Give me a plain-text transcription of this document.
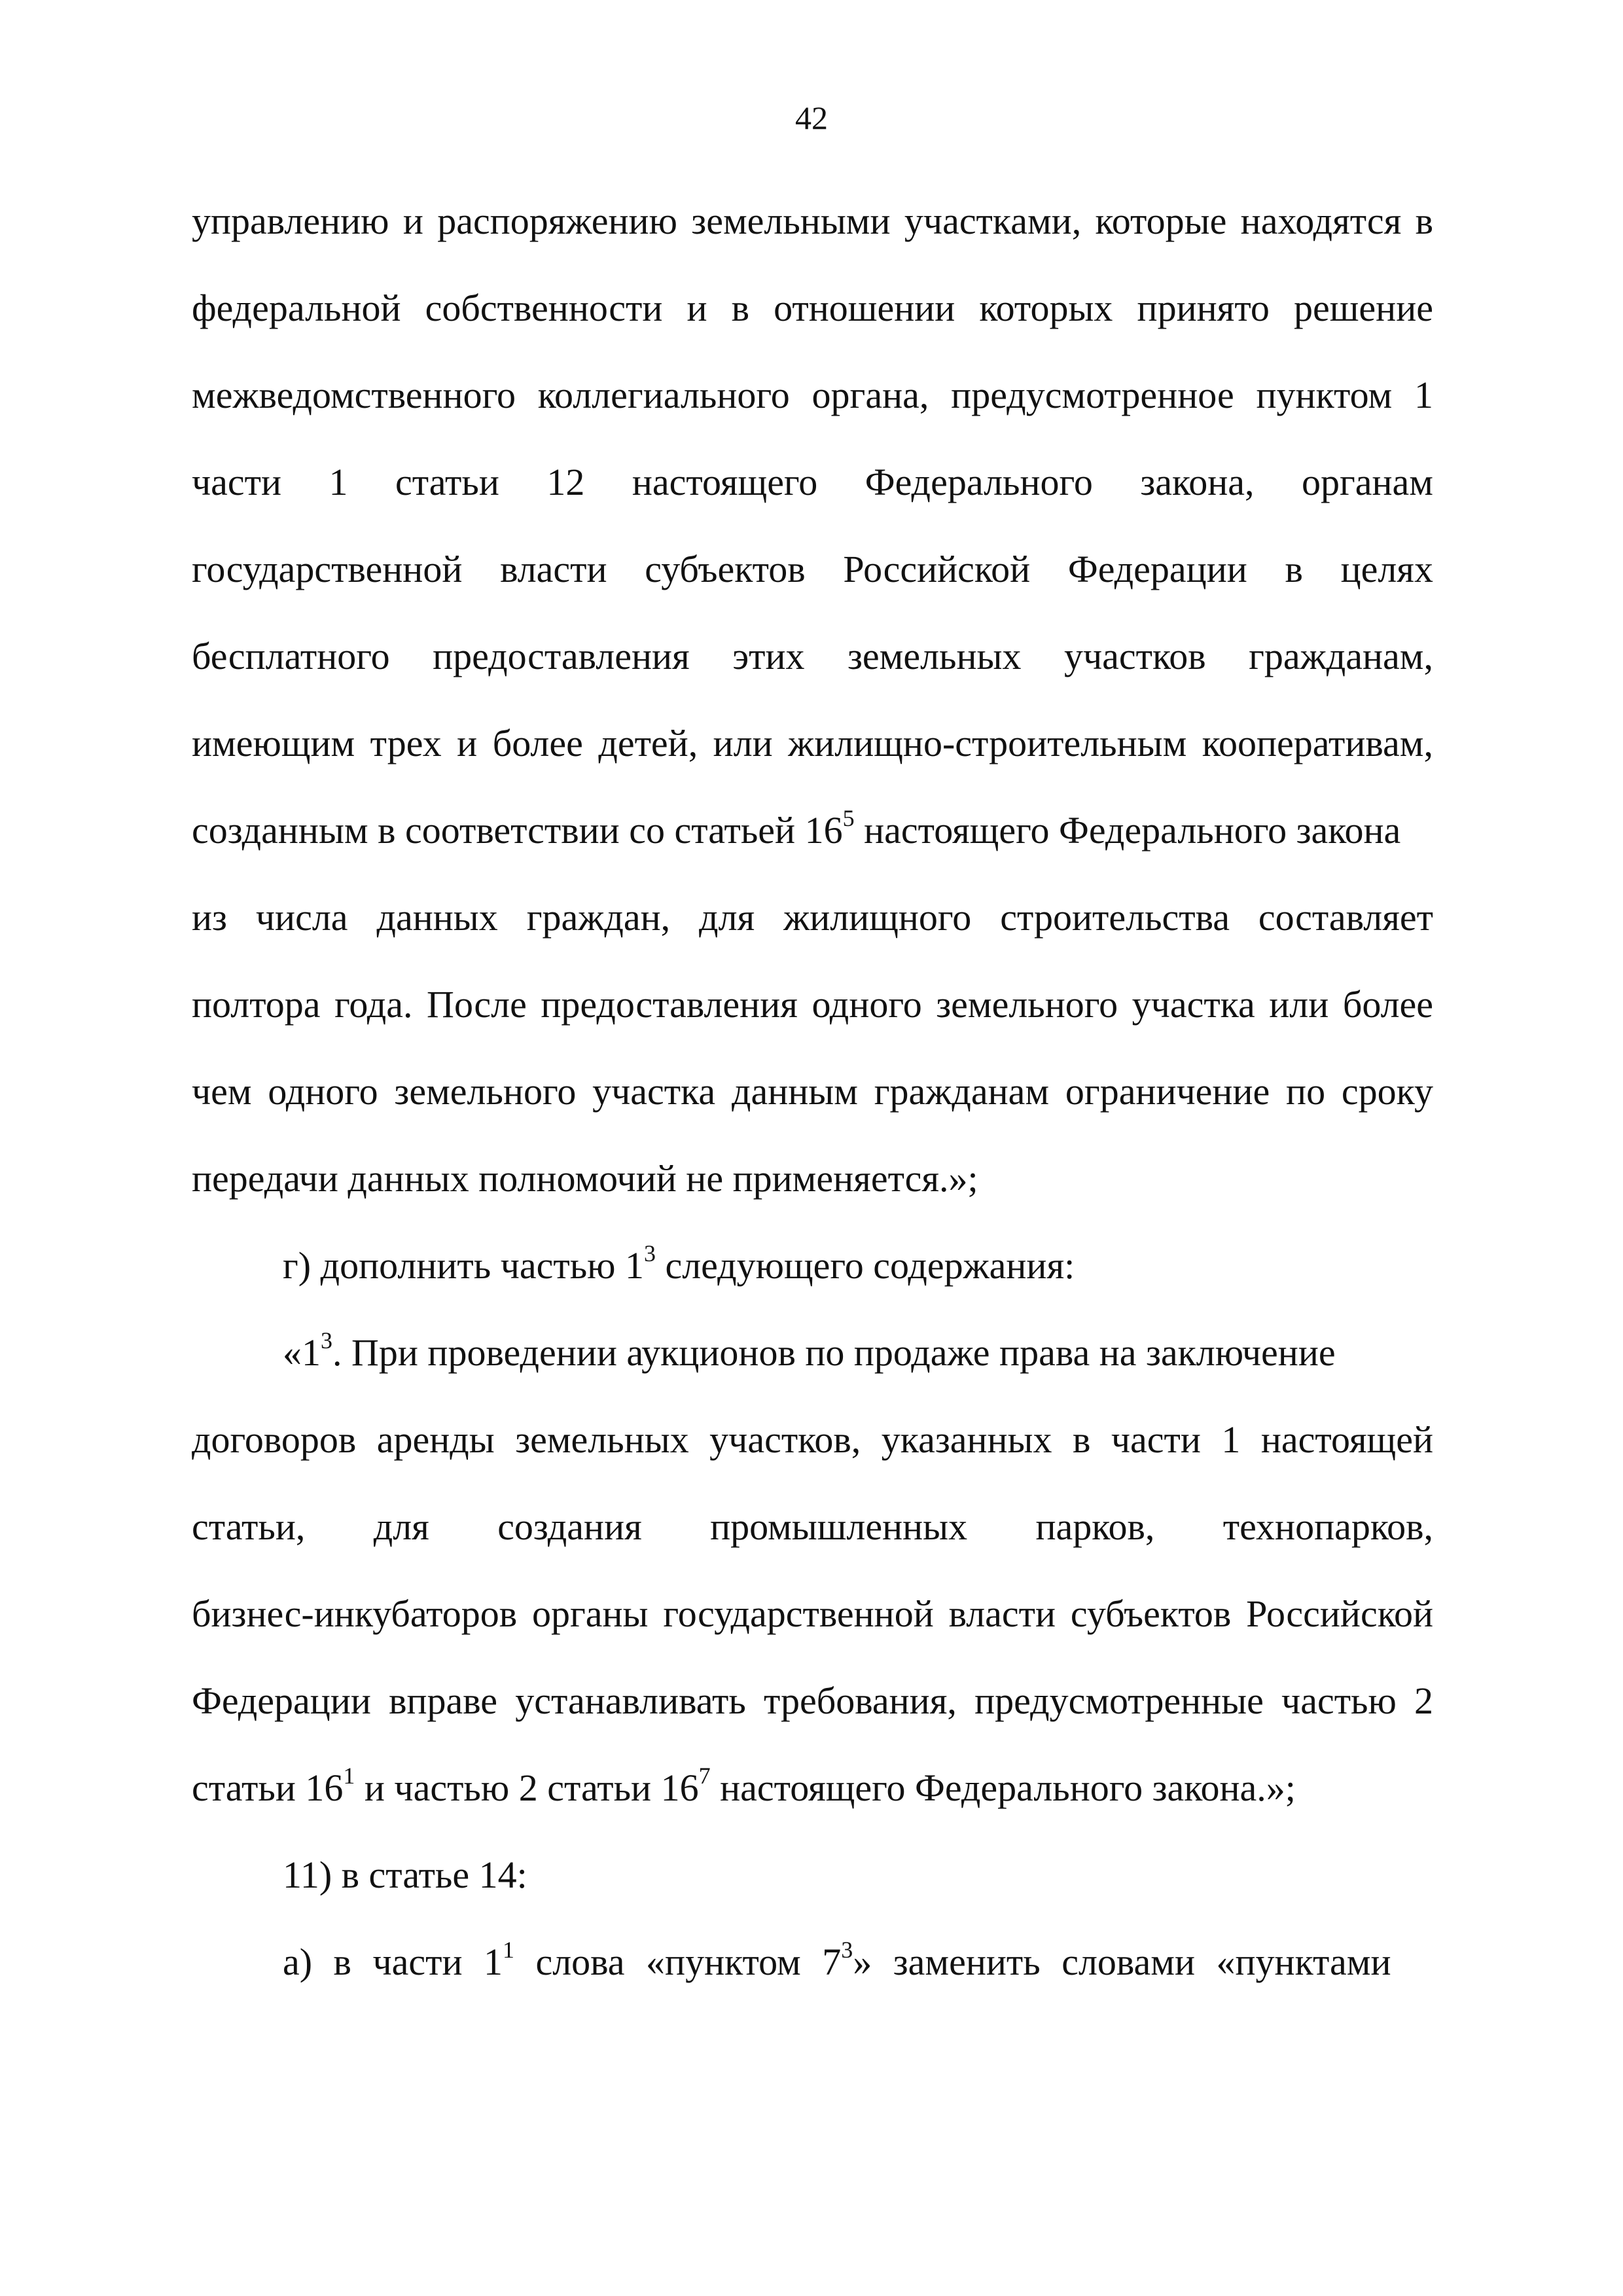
42
управлению и распоряжению земельными участками, которые находятся в
федеральной собственности и в отношении которых принято решение
межведомственного коллегиального органа, предусмотренное пунктом 1
части 1 статьи 12 настоящего Федерального закона, органам
государственной власти субъектов Российской Федерации в целях
бесплатного предоставления этих земельных участков гражданам,
имеющим трех и более детей, или жилищно-строительным кооперативам,
созданным в соответствии со статьей $16^5$ настоящего Федерального закона
из числа данных граждан, для жилищного строительства составляет
полтора года. После предоставления одного земельного участка или более
чем одного земельного участка данным гражданам ограничение по сроку
передачи данных полномочий не применяется.»;
г) дополнить частью $1^3$ следующего содержания:
«$1^3$. При проведении аукционов по продаже права на заключение
договоров аренды земельных участков, указанных в части 1 настоящей
статьи, для создания промышленных парков, технопарков,
бизнес-инкубаторов органы государственной власти субъектов Российской
Федерации вправе устанавливать требования, предусмотренные частью 2
статьи $16^1$ и частью 2 статьи $16^7$ настоящего Федерального закона.»;
11) в статье 14:
а) в части $1^1$ слова «пунктом $7^3$» заменить словами «пунктами
